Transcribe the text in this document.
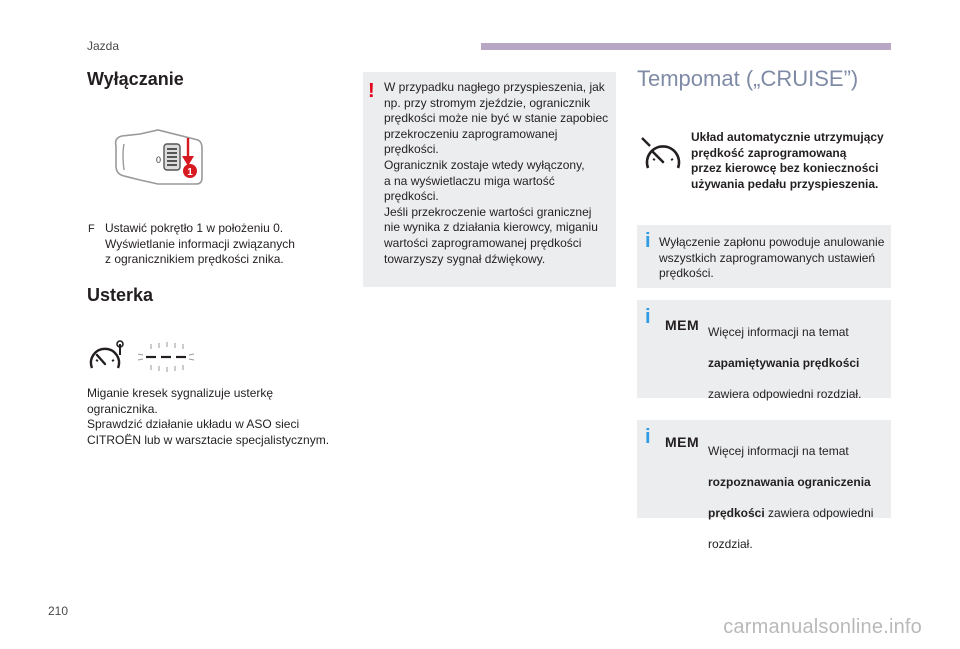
Jazda
Wyłączanie
0
1
F Ustawić pokrętło 1 w położeniu 0.
Wyświetlanie informacji związanych
z ogranicznikiem prędkości znika.

Usterka

Miganie kresek sygnalizuje usterkę
ogranicznika.
Sprawdzić działanie układu w ASO sieci
CITROËN lub w warsztacie specjalistycznym.

! W przypadku nagłego przyspieszenia, jak
np. przy stromym zjeździe, ogranicznik
prędkości może nie być w stanie zapobiec
przekroczeniu zaprogramowanej
prędkości.
Ogranicznik zostaje wtedy wyłączony,
a na wyświetlaczu miga wartość
prędkości.
Jeśli przekroczenie wartości granicznej
nie wynika z działania kierowcy, miganiu
wartości zaprogramowanej prędkości
towarzyszy sygnał dźwiękowy.

Tempomat („CRUISE”)

Układ automatycznie utrzymujący
prędkość zaprogramowaną
przez kierowcę bez konieczności
używania pedału przyspieszenia.

i Wyłączenie zapłonu powoduje anulowanie
wszystkich zaprogramowanych ustawień
prędkości.

i MEM Więcej informacji na temat

zapamiętywania prędkości

zawiera odpowiedni rozdział.

i MEM

Więcej informacji na temat

rozpoznawania ograniczenia

prędkości zawiera odpowiedni

rozdział.

210
carmanualsonline.info
